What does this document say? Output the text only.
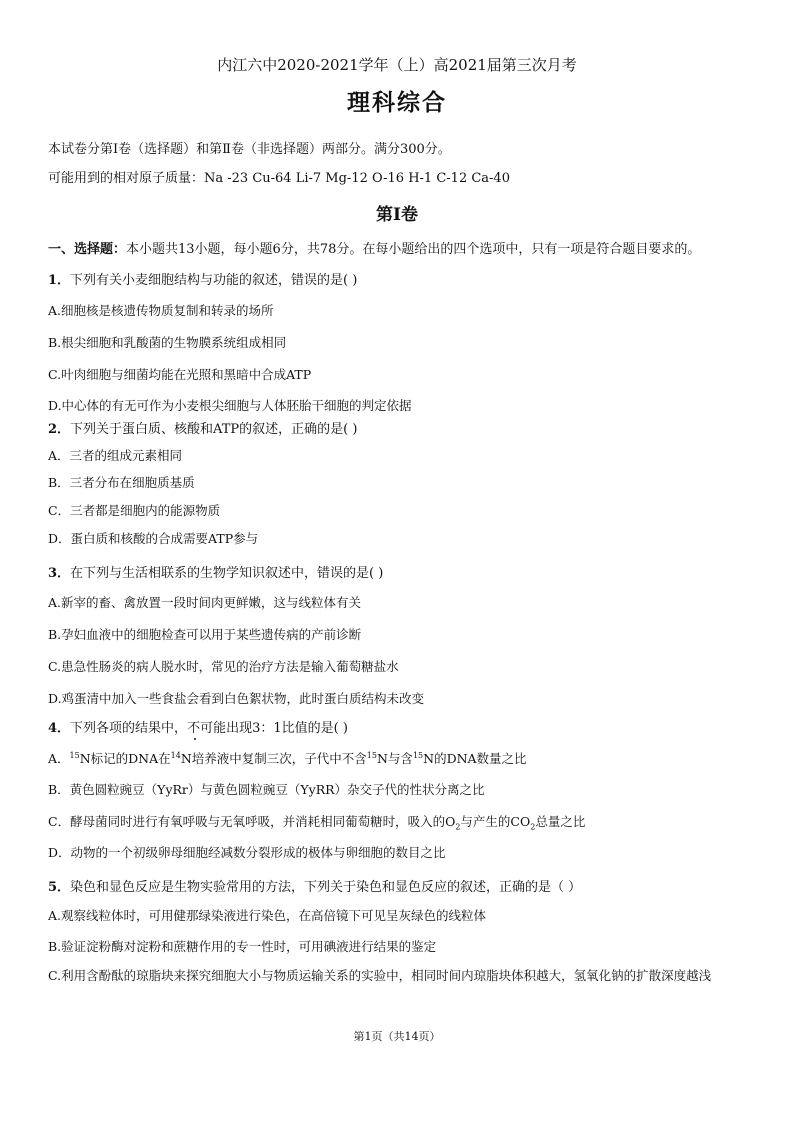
内江六中2020-2021学年（上）高2021届第三次月考
理科综合
本试卷分第Ⅰ卷（选择题）和第Ⅱ卷（非选择题）两部分。满分300分。
可能用到的相对原子质量：Na -23 Cu-64 Li-7 Mg-12 O-16 H-1 C-12 Ca-40
第Ⅰ卷
一、选择题：本小题共13小题，每小题6分，共78分。在每小题给出的四个选项中，只有一项是符合题目要求的。
1．下列有关小麦细胞结构与功能的叙述，错误的是( )
A.细胞核是核遗传物质复制和转录的场所
B.根尖细胞和乳酸菌的生物膜系统组成相同
C.叶肉细胞与细菌均能在光照和黑暗中合成ATP
D.中心体的有无可作为小麦根尖细胞与人体胚胎干细胞的判定依据
2．下列关于蛋白质、核酸和ATP的叙述，正确的是( )
A．三者的组成元素相同
B．三者分布在细胞质基质
C．三者都是细胞内的能源物质
D．蛋白质和核酸的合成需要ATP参与
3．在下列与生活相联系的生物学知识叙述中，错误的是( )
A.新宰的畜、禽放置一段时间肉更鲜嫩，这与线粒体有关
B.孕妇血液中的细胞检查可以用于某些遗传病的产前诊断
C.患急性肠炎的病人脱水时，常见的治疗方法是输入葡萄糖盐水
D.鸡蛋清中加入一些食盐会看到白色絮状物，此时蛋白质结构未改变
4．下列各项的结果中，不可能出现3：1比值的是( )
A．$^{15}$N标记的DNA在$^{14}$N培养液中复制三次，子代中不含$^{15}$N与含$^{15}$N的DNA数量之比
B．黄色圆粒豌豆（YyRr）与黄色圆粒豌豆（YyRR）杂交子代的性状分离之比
C．酵母菌同时进行有氧呼吸与无氧呼吸，并消耗相同葡萄糖时，吸入的$O_2$与产生的$CO_2$总量之比
D．动物的一个初级卵母细胞经减数分裂形成的极体与卵细胞的数目之比
5．染色和显色反应是生物实验常用的方法，下列关于染色和显色反应的叙述，正确的是（ ）
A.观察线粒体时，可用健那绿染液进行染色，在高倍镜下可见呈灰绿色的线粒体
B.验证淀粉酶对淀粉和蔗糖作用的专一性时，可用碘液进行结果的鉴定
C.利用含酚酞的琼脂块来探究细胞大小与物质运输关系的实验中，相同时间内琼脂块体积越大，氢氧化钠的扩散深度越浅
第1页（共14页）
